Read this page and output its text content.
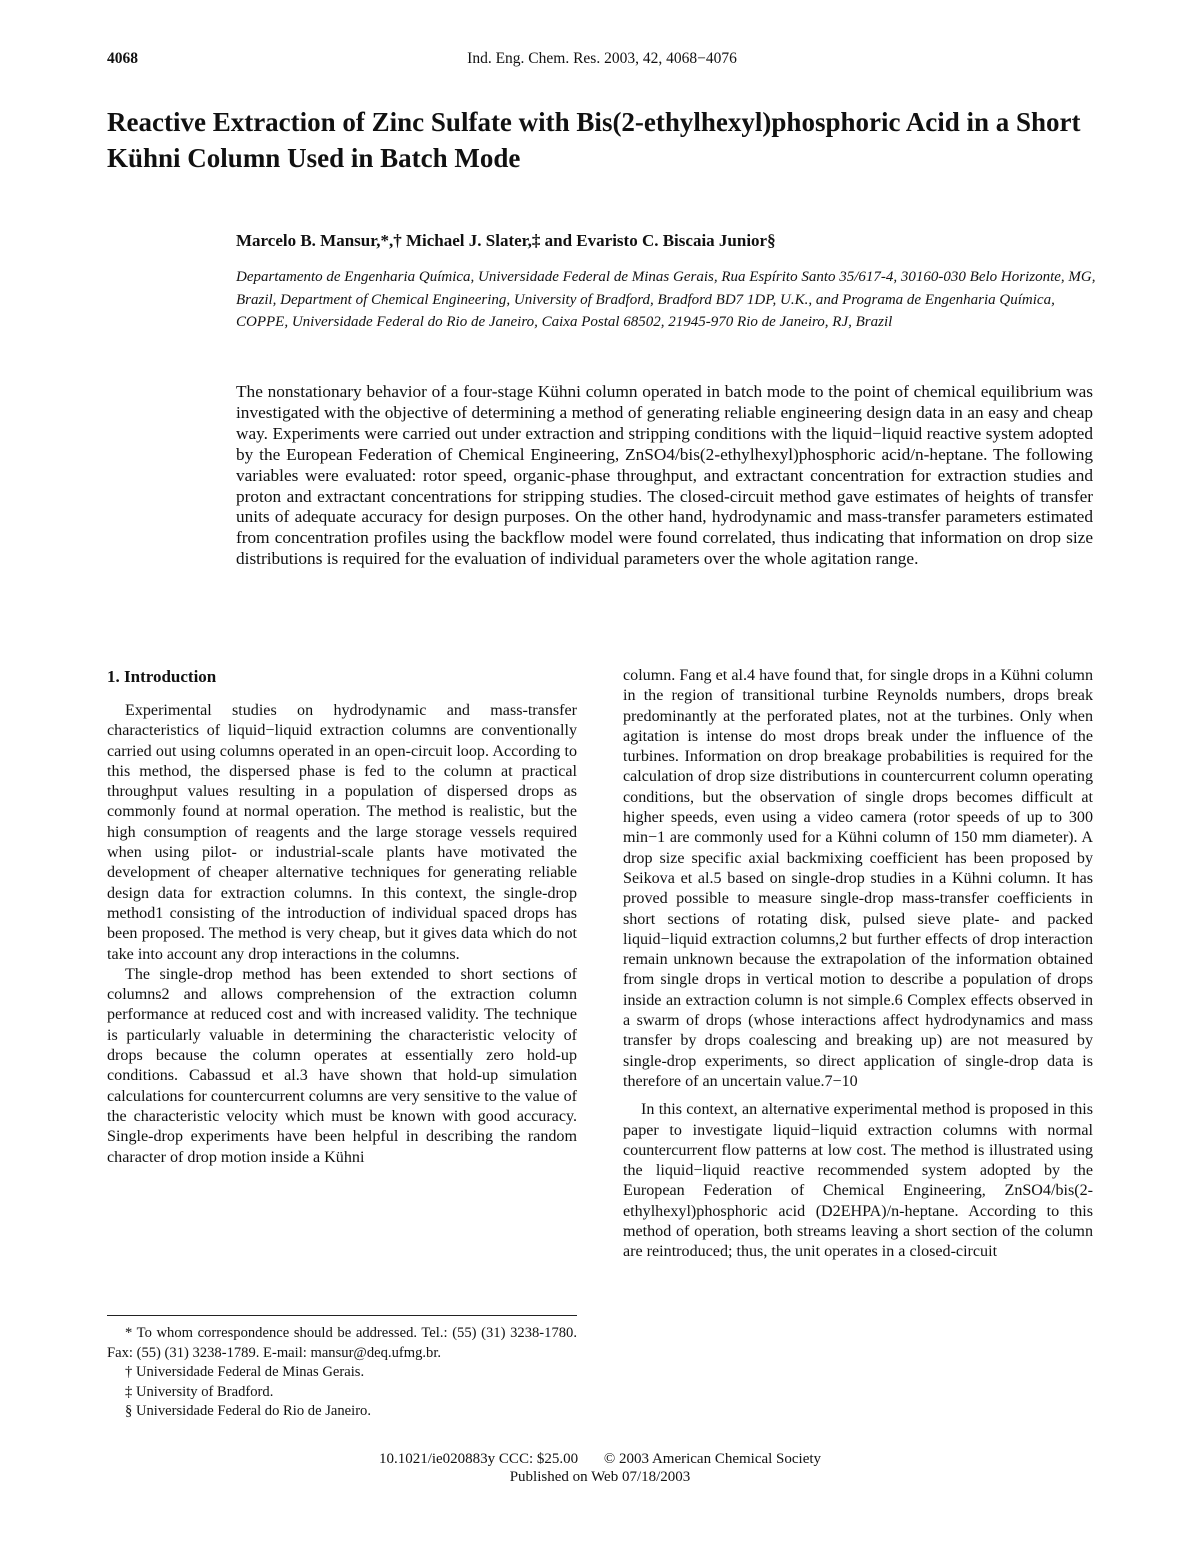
4068	Ind. Eng. Chem. Res. 2003, 42, 4068−4076
Reactive Extraction of Zinc Sulfate with Bis(2-ethylhexyl)phosphoric Acid in a Short Kühni Column Used in Batch Mode
Marcelo B. Mansur,*,† Michael J. Slater,‡ and Evaristo C. Biscaia Junior§
Departamento de Engenharia Química, Universidade Federal de Minas Gerais, Rua Espírito Santo 35/617-4, 30160-030 Belo Horizonte, MG, Brazil, Department of Chemical Engineering, University of Bradford, Bradford BD7 1DP, U.K., and Programa de Engenharia Química, COPPE, Universidade Federal do Rio de Janeiro, Caixa Postal 68502, 21945-970 Rio de Janeiro, RJ, Brazil

The nonstationary behavior of a four-stage Kühni column operated in batch mode to the point of chemical equilibrium was investigated with the objective of determining a method of generating reliable engineering design data in an easy and cheap way. Experiments were carried out under extraction and stripping conditions with the liquid−liquid reactive system adopted by the European Federation of Chemical Engineering, ZnSO4/bis(2-ethylhexyl)phosphoric acid/n-heptane. The following variables were evaluated: rotor speed, organic-phase throughput, and extractant concentration for extraction studies and proton and extractant concentrations for stripping studies. The closed-circuit method gave estimates of heights of transfer units of adequate accuracy for design purposes. On the other hand, hydrodynamic and mass-transfer parameters estimated from concentration profiles using the backflow model were found correlated, thus indicating that information on drop size distributions is required for the evaluation of individual parameters over the whole agitation range.

1. Introduction

Experimental studies on hydrodynamic and mass-transfer characteristics of liquid−liquid extraction columns are conventionally carried out using columns operated in an open-circuit loop. According to this method, the dispersed phase is fed to the column at practical throughput values resulting in a population of dispersed drops as commonly found at normal operation. The method is realistic, but the high consumption of reagents and the large storage vessels required when using pilot- or industrial-scale plants have motivated the development of cheaper alternative techniques for generating reliable design data for extraction columns. In this context, the single-drop method1 consisting of the introduction of individual spaced drops has been proposed. The method is very cheap, but it gives data which do not take into account any drop interactions in the columns.

The single-drop method has been extended to short sections of columns2 and allows comprehension of the extraction column performance at reduced cost and with increased validity. The technique is particularly valuable in determining the characteristic velocity of drops because the column operates at essentially zero hold-up conditions. Cabassud et al.3 have shown that hold-up simulation calculations for countercurrent columns are very sensitive to the value of the characteristic velocity which must be known with good accuracy. Single-drop experiments have been helpful in describing the random character of drop motion inside a Kühni

column. Fang et al.4 have found that, for single drops in a Kühni column in the region of transitional turbine Reynolds numbers, drops break predominantly at the perforated plates, not at the turbines. Only when agitation is intense do most drops break under the influence of the turbines. Information on drop breakage probabilities is required for the calculation of drop size distributions in countercurrent column operating conditions, but the observation of single drops becomes difficult at higher speeds, even using a video camera (rotor speeds of up to 300 min−1 are commonly used for a Kühni column of 150 mm diameter). A drop size specific axial backmixing coefficient has been proposed by Seikova et al.5 based on single-drop studies in a Kühni column. It has proved possible to measure single-drop mass-transfer coefficients in short sections of rotating disk, pulsed sieve plate- and packed liquid−liquid extraction columns,2 but further effects of drop interaction remain unknown because the extrapolation of the information obtained from single drops in vertical motion to describe a population of drops inside an extraction column is not simple.6 Complex effects observed in a swarm of drops (whose interactions affect hydrodynamics and mass transfer by drops coalescing and breaking up) are not measured by single-drop experiments, so direct application of single-drop data is therefore of an uncertain value.7−10

In this context, an alternative experimental method is proposed in this paper to investigate liquid−liquid extraction columns with normal countercurrent flow patterns at low cost. The method is illustrated using the liquid−liquid reactive recommended system adopted by the European Federation of Chemical Engineering, ZnSO4/bis(2-ethylhexyl)phosphoric acid (D2EHPA)/n-heptane. According to this method of operation, both streams leaving a short section of the column are reintroduced; thus, the unit operates in a closed-circuit

* To whom correspondence should be addressed. Tel.: (55) (31) 3238-1780. Fax: (55) (31) 3238-1789. E-mail: mansur@deq.ufmg.br.

† Universidade Federal de Minas Gerais.

‡ University of Bradford.

§ Universidade Federal do Rio de Janeiro.

10.1021/ie020883y CCC: $25.00 © 2003 American Chemical Society
Published on Web 07/18/2003
